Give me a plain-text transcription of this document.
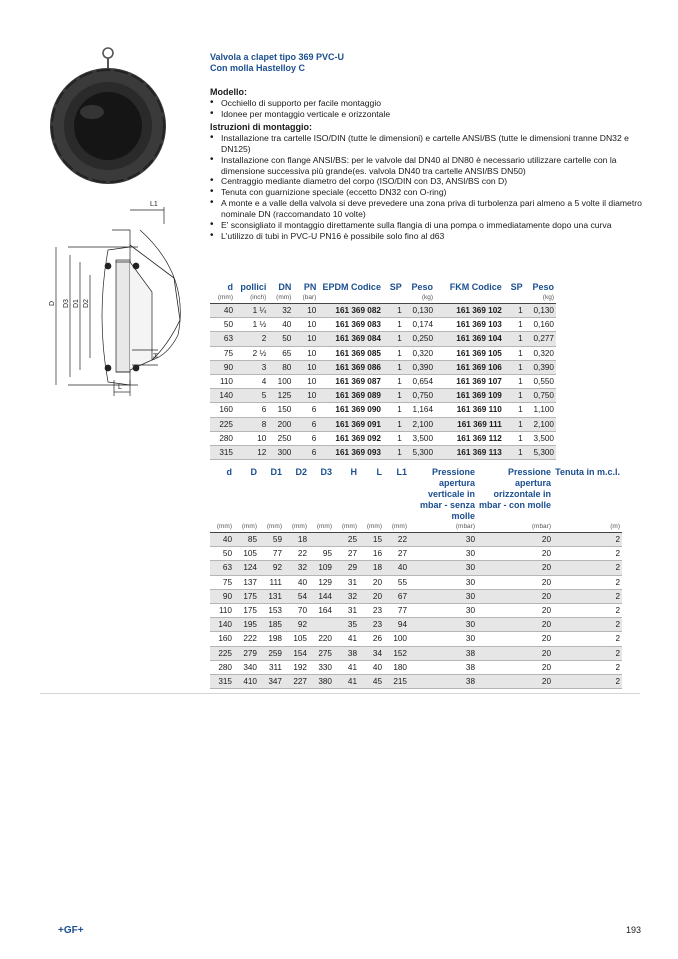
L1
D D3 D1 D2
H
L
Valvola a clapet tipo 369 PVC-U
Con molla Hastelloy C
Modello:
• Occhiello di supporto per facile montaggio
• Idonee per montaggio verticale e orizzontale
Istruzioni di montaggio:
• Installazione tra cartelle ISO/DIN (tutte le dimensioni) e cartelle ANSI/BS (tutte le dimensioni tranne DN32 e DN125)
• Installazione con flange ANSI/BS: per le valvole dal DN40 al DN80 è necessario utilizzare cartelle con la dimensione successiva più grande(es. valvola DN40 tra cartelle ANSI/BS DN50)
• Centraggio mediante diametro del corpo (ISO/DIN con D3, ANSI/BS con D)
• Tenuta con guarnizione speciale (eccetto DN32 con O-ring)
• A monte e a valle della valvola si deve prevedere una zona priva di turbolenza pari almeno a 5 volte il diametro nominale DN (raccomandato 10 volte)
• E' sconsigliato il montaggio direttamente sulla flangia di una pompa o immediatamente dopo una curva
• L'utilizzo di tubi in PVC-U PN16 è possibile solo fino al d63
d	pollici	DN	PN	EPDM Codice	SP	Peso	FKM Codice	SP	Peso
(mm)	(inch)	(mm)	(bar)			(kg)			(kg)
40	1 ¼	32	10	161 369 082	1	0,130	161 369 102	1	0,130
50	1 ½	40	10	161 369 083	1	0,174	161 369 103	1	0,160
63	2	50	10	161 369 084	1	0,250	161 369 104	1	0,277
75	2 ½	65	10	161 369 085	1	0,320	161 369 105	1	0,320
90	3	80	10	161 369 086	1	0,390	161 369 106	1	0,390
110	4	100	10	161 369 087	1	0,654	161 369 107	1	0,550
140	5	125	10	161 369 089	1	0,750	161 369 109	1	0,750
160	6	150	6	161 369 090	1	1,164	161 369 110	1	1,100
225	8	200	6	161 369 091	1	2,100	161 369 111	1	2,100
280	10	250	6	161 369 092	1	3,500	161 369 112	1	3,500
315	12	300	6	161 369 093	1	5,300	161 369 113	1	5,300
d	D	D1	D2	D3	H	L	L1	Pressione apertura verticale in mbar - senza molle	Pressione apertura orizzontale in mbar - con molle	Tenuta in m.c.l.
(mm)	(mm)	(mm)	(mm)	(mm)	(mm)	(mm)	(mm)	(mbar)	(mbar)	(m)
40	85	59	18		25	15	22	30	20	2
50	105	77	22	95	27	16	27	30	20	2
63	124	92	32	109	29	18	40	30	20	2
75	137	111	40	129	31	20	55	30	20	2
90	175	131	54	144	32	20	67	30	20	2
110	175	153	70	164	31	23	77	30	20	2
140	195	185	92		35	23	94	30	20	2
160	222	198	105	220	41	26	100	30	20	2
225	279	259	154	275	38	34	152	38	20	2
280	340	311	192	330	41	40	180	38	20	2
315	410	347	227	380	41	45	215	38	20	2
+GF+	193
